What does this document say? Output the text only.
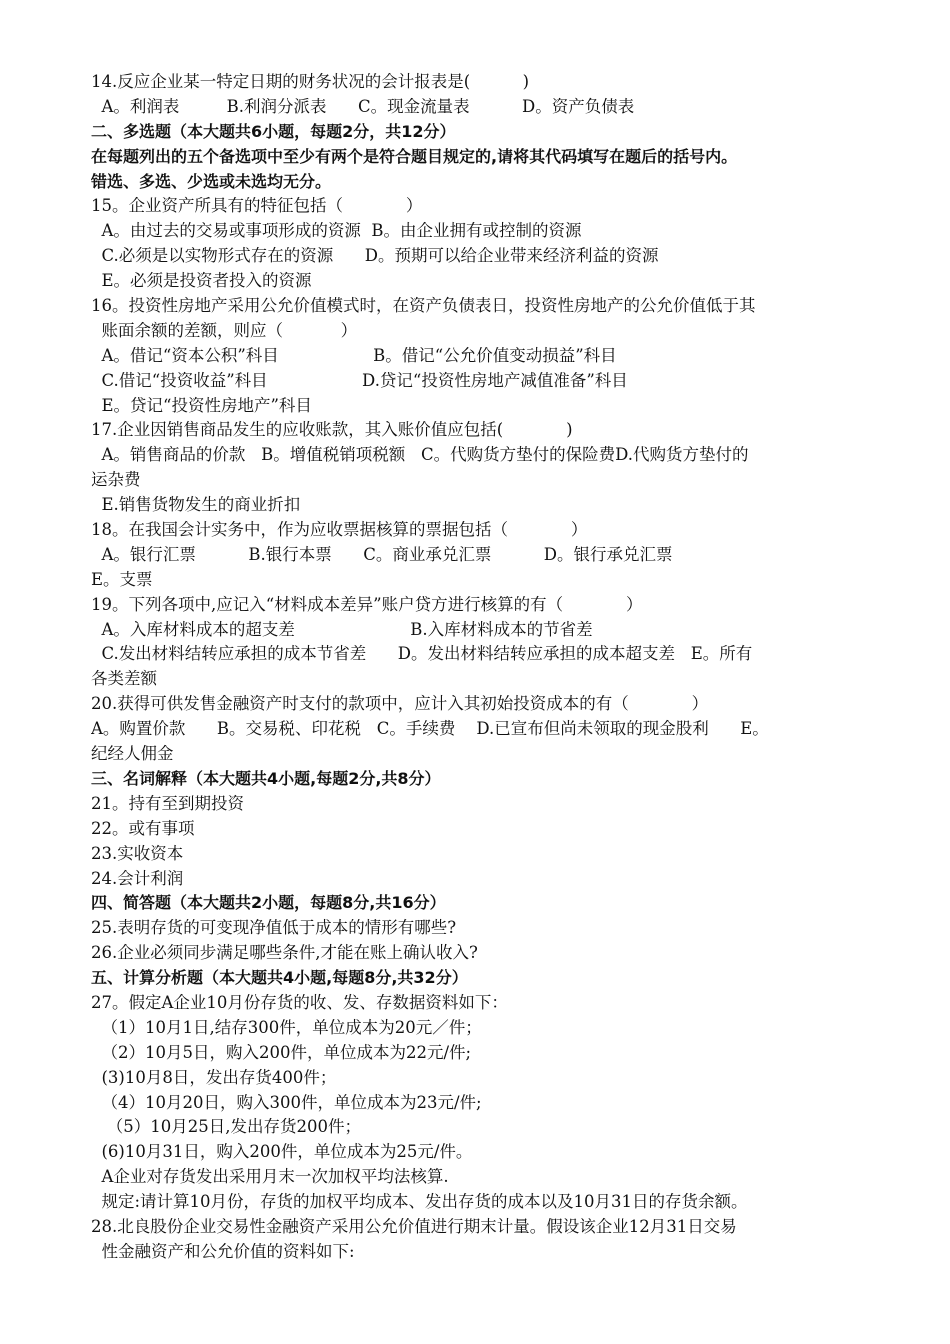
14.反应企业某一特定日期的财务状况的会计报表是(          )
A。利润表         B.利润分派表      C。现金流量表          D。资产负债表
二、多选题（本大题共6小题，每题2分，共12分）
在每题列出的五个备选项中至少有两个是符合题目规定的,请将其代码填写在题后的括号内。
错选、多选、少选或未选均无分。
15。企业资产所具有的特征包括（            ）
A。由过去的交易或事项形成的资源  B。由企业拥有或控制的资源
C.必须是以实物形式存在的资源      D。预期可以给企业带来经济利益的资源
E。必须是投资者投入的资源
16。投资性房地产采用公允价值模式时，在资产负债表日，投资性房地产的公允价值低于其
账面余额的差额，则应（           ）
A。借记“资本公积”科目                  B。借记“公允价值变动损益”科目
C.借记“投资收益”科目                  D.贷记“投资性房地产减值准备”科目
E。贷记“投资性房地产”科目
17.企业因销售商品发生的应收账款，其入账价值应包括(            )
A。销售商品的价款   B。增值税销项税额   C。代购货方垫付的保险费D.代购货方垫付的
运杂费
E.销售货物发生的商业折扣
18。在我国会计实务中，作为应收票据核算的票据包括（            ）
A。银行汇票          B.银行本票      C。商业承兑汇票          D。银行承兑汇票
E。支票
19。下列各项中,应记入“材料成本差异”账户贷方进行核算的有（            ）
A。入库材料成本的超支差                      B.入库材料成本的节省差
C.发出材料结转应承担的成本节省差      D。发出材料结转应承担的成本超支差   E。所有
各类差额
20.获得可供发售金融资产时支付的款项中，应计入其初始投资成本的有（            ）
A。购置价款      B。交易税、印花税   C。手续费    D.已宣布但尚未领取的现金股利      E。
纪经人佣金
三、名词解释（本大题共4小题,每题2分,共8分）
21。持有至到期投资
22。或有事项
23.实收资本
24.会计利润
四、简答题（本大题共2小题，每题8分,共16分）
25.表明存货的可变现净值低于成本的情形有哪些?
26.企业必须同步满足哪些条件,才能在账上确认收入?
五、计算分析题（本大题共4小题,每题8分,共32分）
27。假定A企业10月份存货的收、发、存数据资料如下：
（1）10月1日,结存300件，单位成本为20元／件；
（2）10月5日，购入200件，单位成本为22元/件;
(3)10月8日，发出存货400件；
（4）10月20日，购入300件，单位成本为23元/件;
（5）10月25日,发出存货200件；
(6)10月31日，购入200件，单位成本为25元/件。
A企业对存货发出采用月末一次加权平均法核算.
规定:请计算10月份，存货的加权平均成本、发出存货的成本以及10月31日的存货余额。
28.北良股份企业交易性金融资产采用公允价值进行期末计量。假设该企业12月31日交易
性金融资产和公允价值的资料如下:
